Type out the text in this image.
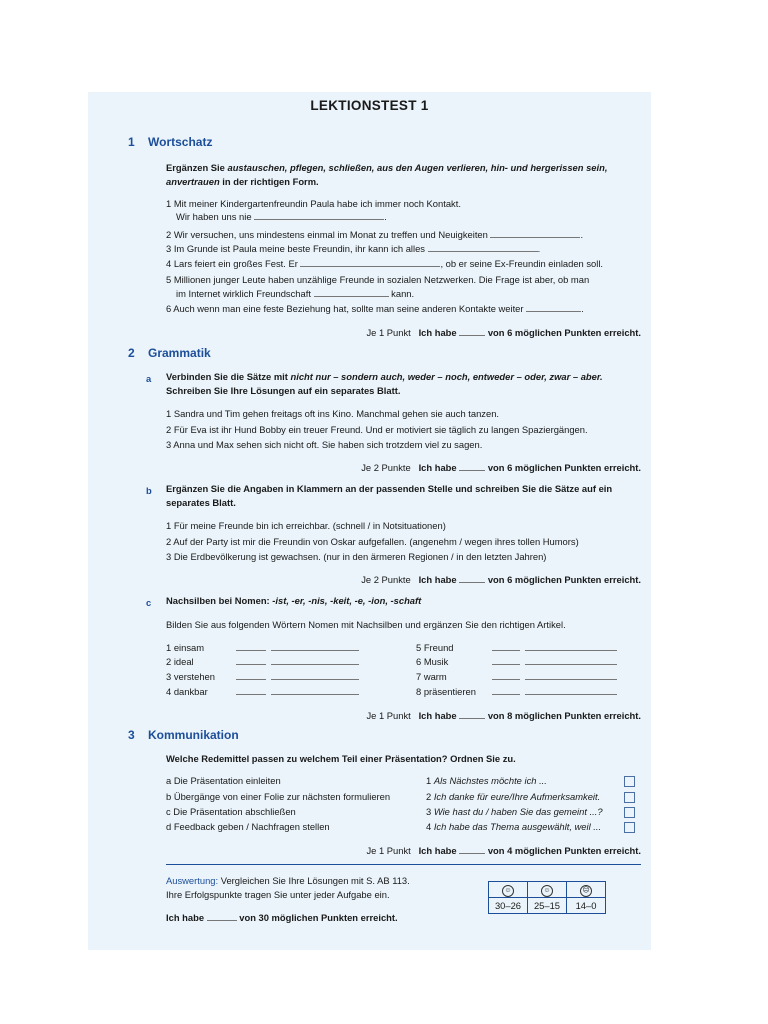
LEKTIONSTEST 1
1 Wortschatz
Ergänzen Sie austauschen, pflegen, schließen, aus den Augen verlieren, hin- und hergerissen sein, anvertrauen in der richtigen Form.
1 Mit meiner Kindergartenfreundin Paula habe ich immer noch Kontakt.
Wir haben uns nie	.
2 Wir versuchen, uns mindestens einmal im Monat zu treffen und Neuigkeiten	.
3 Im Grunde ist Paula meine beste Freundin, ihr kann ich alles	.
4 Lars feiert ein großes Fest. Er	, ob er seine Ex-Freundin einladen soll.
5 Millionen junger Leute haben unzählige Freunde in sozialen Netzwerken. Die Frage ist aber, ob man
im Internet wirklich Freundschaft	kann.
6 Auch wenn man eine feste Beziehung hat, sollte man seine anderen Kontakte weiter	.
Je 1 Punkt Ich habe	von 6 möglichen Punkten erreicht.
2 Grammatik
a Verbinden Sie die Sätze mit nicht nur – sondern auch, weder – noch, entweder – oder, zwar – aber.
Schreiben Sie Ihre Lösungen auf ein separates Blatt.
1 Sandra und Tim gehen freitags oft ins Kino. Manchmal gehen sie auch tanzen.
2 Für Eva ist ihr Hund Bobby ein treuer Freund. Und er motiviert sie täglich zu langen Spaziergängen.
3 Anna und Max sehen sich nicht oft. Sie haben sich trotzdem viel zu sagen.
Je 2 Punkte Ich habe	von 6 möglichen Punkten erreicht.
b Ergänzen Sie die Angaben in Klammern an der passenden Stelle und schreiben Sie die Sätze auf ein
separates Blatt.
1 Für meine Freunde bin ich erreichbar. (schnell / in Notsituationen)
2 Auf der Party ist mir die Freundin von Oskar aufgefallen. (angenehm / wegen ihres tollen Humors)
3 Die Erdbevölkerung ist gewachsen. (nur in den ärmeren Regionen / in den letzten Jahren)
Je 2 Punkte Ich habe	von 6 möglichen Punkten erreicht.
c Nachsilben bei Nomen: -ist, -er, -nis, -keit, -e, -ion, -schaft
Bilden Sie aus folgenden Wörtern Nomen mit Nachsilben und ergänzen Sie den richtigen Artikel.
1 einsam
2 ideal
3 verstehen
4 dankbar
5 Freund
6 Musik
7 warm
8 präsentieren
Je 1 Punkt Ich habe	von 8 möglichen Punkten erreicht.
3 Kommunikation
Welche Redemittel passen zu welchem Teil einer Präsentation? Ordnen Sie zu.
a Die Präsentation einleiten
b Übergänge von einer Folie zur nächsten formulieren
c Die Präsentation abschließen
d Feedback geben / Nachfragen stellen
1 Als Nächstes möchte ich ...
2 Ich danke für eure/Ihre Aufmerksamkeit.
3 Wie hast du / haben Sie das gemeint ...?
4 Ich habe das Thema ausgewählt, weil ...
Je 1 Punkt Ich habe	von 4 möglichen Punkten erreicht.
Auswertung: Vergleichen Sie Ihre Lösungen mit S. AB 113.
Ihre Erfolgspunkte tragen Sie unter jeder Aufgabe ein.
Ich habe	von 30 möglichen Punkten erreicht.
☺	☺	☹
30–26	25–15	14–0
